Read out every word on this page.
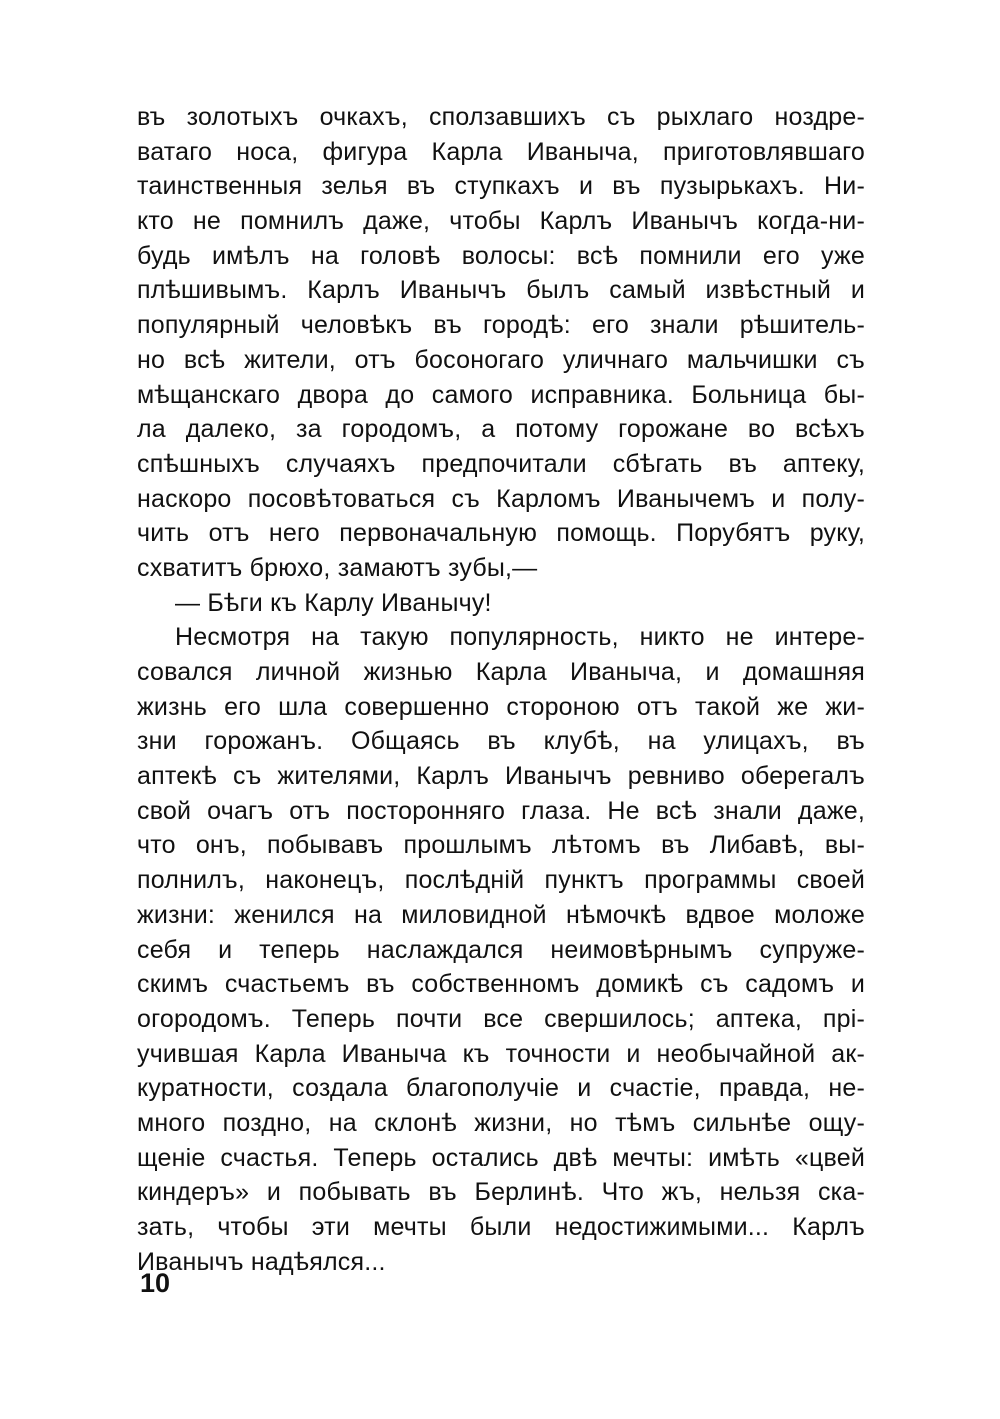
въ золотыхъ очкахъ, сползавшихъ съ рыхлаго ноздре-
ватаго носа, фигура Карла Иваныча, приготовлявшаго
таинственныя зелья въ ступкахъ и въ пузырькахъ. Ни-
кто не помнилъ даже, чтобы Карлъ Иванычъ когда-ни-
будь имѣлъ на головѣ волосы: всѣ помнили его уже
плѣшивымъ. Карлъ Иванычъ былъ самый извѣстный и
популярный человѣкъ въ городѣ: его знали рѣшитель-
но всѣ жители, отъ босоногаго уличнаго мальчишки съ
мѣщанскаго двора до самого исправника. Больница бы-
ла далеко, за городомъ, а потому горожане во всѣхъ
спѣшныхъ случаяхъ предпочитали сбѣгать въ аптеку,
наскоро посовѣтоваться съ Карломъ Иванычемъ и полу-
чить отъ него первоначальную помощь. Порубятъ руку,
схватитъ брюхо, замаютъ зубы,—
— Бѣги къ Карлу Иванычу!
Несмотря на такую популярность, никто не интере-
совался личной жизнью Карла Иваныча, и домашняя
жизнь его шла совершенно стороною отъ такой же жи-
зни горожанъ. Общаясь въ клубѣ, на улицахъ, въ
аптекѣ съ жителями, Карлъ Иванычъ ревниво оберегалъ
свой очагъ отъ посторонняго глаза. Не всѣ знали даже,
что онъ, побывавъ прошлымъ лѣтомъ въ Либавѣ, вы-
полнилъ, наконецъ, послѣднiй пунктъ программы своей
жизни: женился на миловидной нѣмочкѣ вдвое моложе
себя и теперь наслаждался неимовѣрнымъ супруже-
скимъ счастьемъ въ собственномъ домикѣ съ садомъ и
огородомъ. Теперь почти все свершилось; аптека, прi-
учившая Карла Иваныча къ точности и необычайной ак-
куратности, создала благополучiе и счастiе, правда, не-
много поздно, на склонѣ жизни, но тѣмъ сильнѣе ощу-
щенiе счастья. Теперь остались двѣ мечты: имѣть «цвей
киндеръ» и побывать въ Берлинѣ. Что жъ, нельзя ска-
зать, чтобы эти мечты были недостижимыми... Карлъ
Иванычъ надѣялся...
10
